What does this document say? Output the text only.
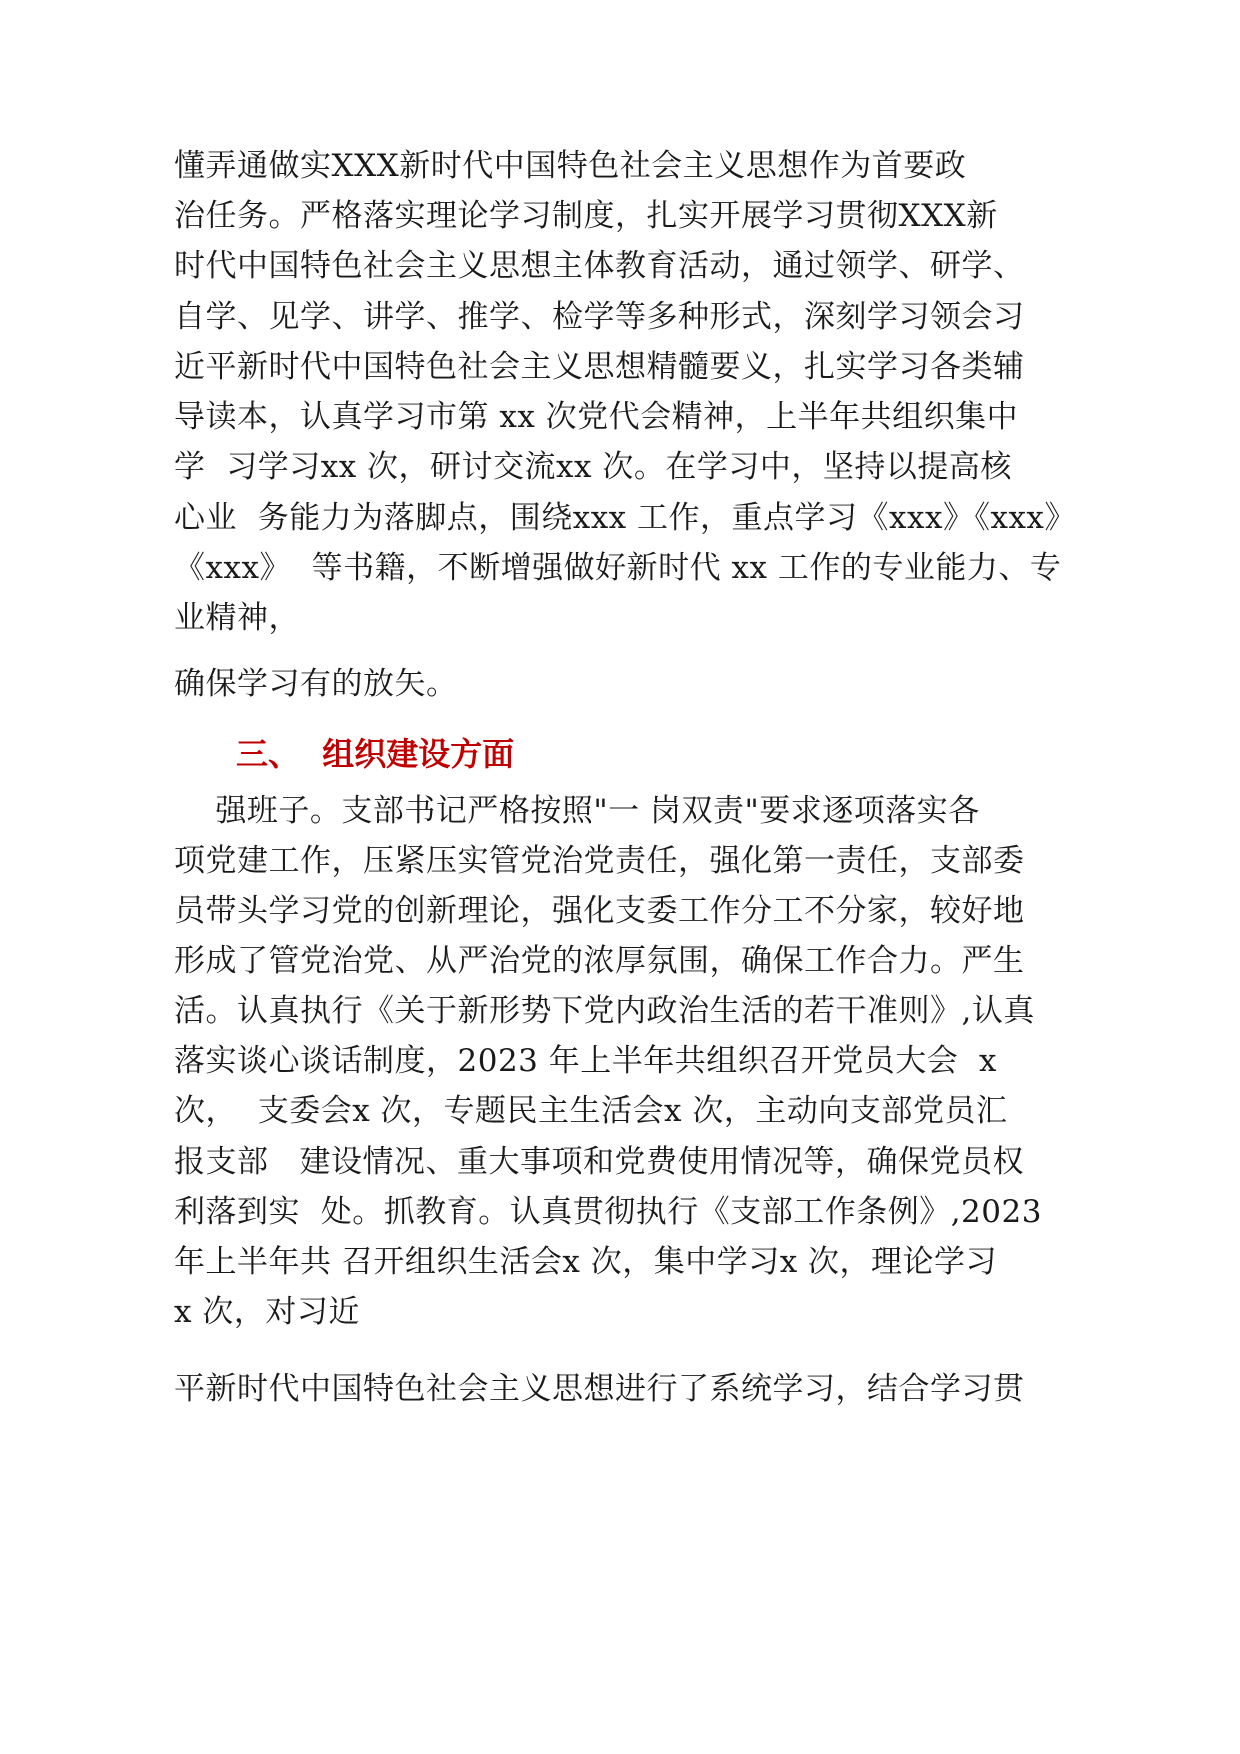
懂弄通做实XXX新时代中国特色社会主义思想作为首要政
治任务。严格落实理论学习制度，扎实开展学习贯彻XXX新
时代中国特色社会主义思想主体教育活动，通过领学、研学、
自学、见学、讲学、推学、检学等多种形式，深刻学习领会习
近平新时代中国特色社会主义思想精髓要义，扎实学习各类辅
导读本，认真学习市第 xx 次党代会精神，上半年共组织集中
学  习学习xx 次，研讨交流xx 次。在学习中，坚持以提高核
心业  务能力为落脚点，围绕xxx 工作，重点学习《xxx》《xxx》
《xxx》  等书籍，不断增强做好新时代 xx 工作的专业能力、专
业精神，
确保学习有的放矢。
三、  组织建设方面
强班子。支部书记严格按照"一 岗双责"要求逐项落实各
项党建工作，压紧压实管党治党责任，强化第一责任，支部委
员带头学习党的创新理论，强化支委工作分工不分家，较好地
形成了管党治党、从严治党的浓厚氛围，确保工作合力。严生
活。认真执行《关于新形势下党内政治生活的若干准则》,认真
落实谈心谈话制度，2023 年上半年共组织召开党员大会  x
次，  支委会x 次，专题民主生活会x 次，主动向支部党员汇
报支部   建设情况、重大事项和党费使用情况等，确保党员权
利落到实  处。抓教育。认真贯彻执行《支部工作条例》,2023
年上半年共 召开组织生活会x 次，集中学习x 次，理论学习
x 次，对习近
平新时代中国特色社会主义思想进行了系统学习，结合学习贯
